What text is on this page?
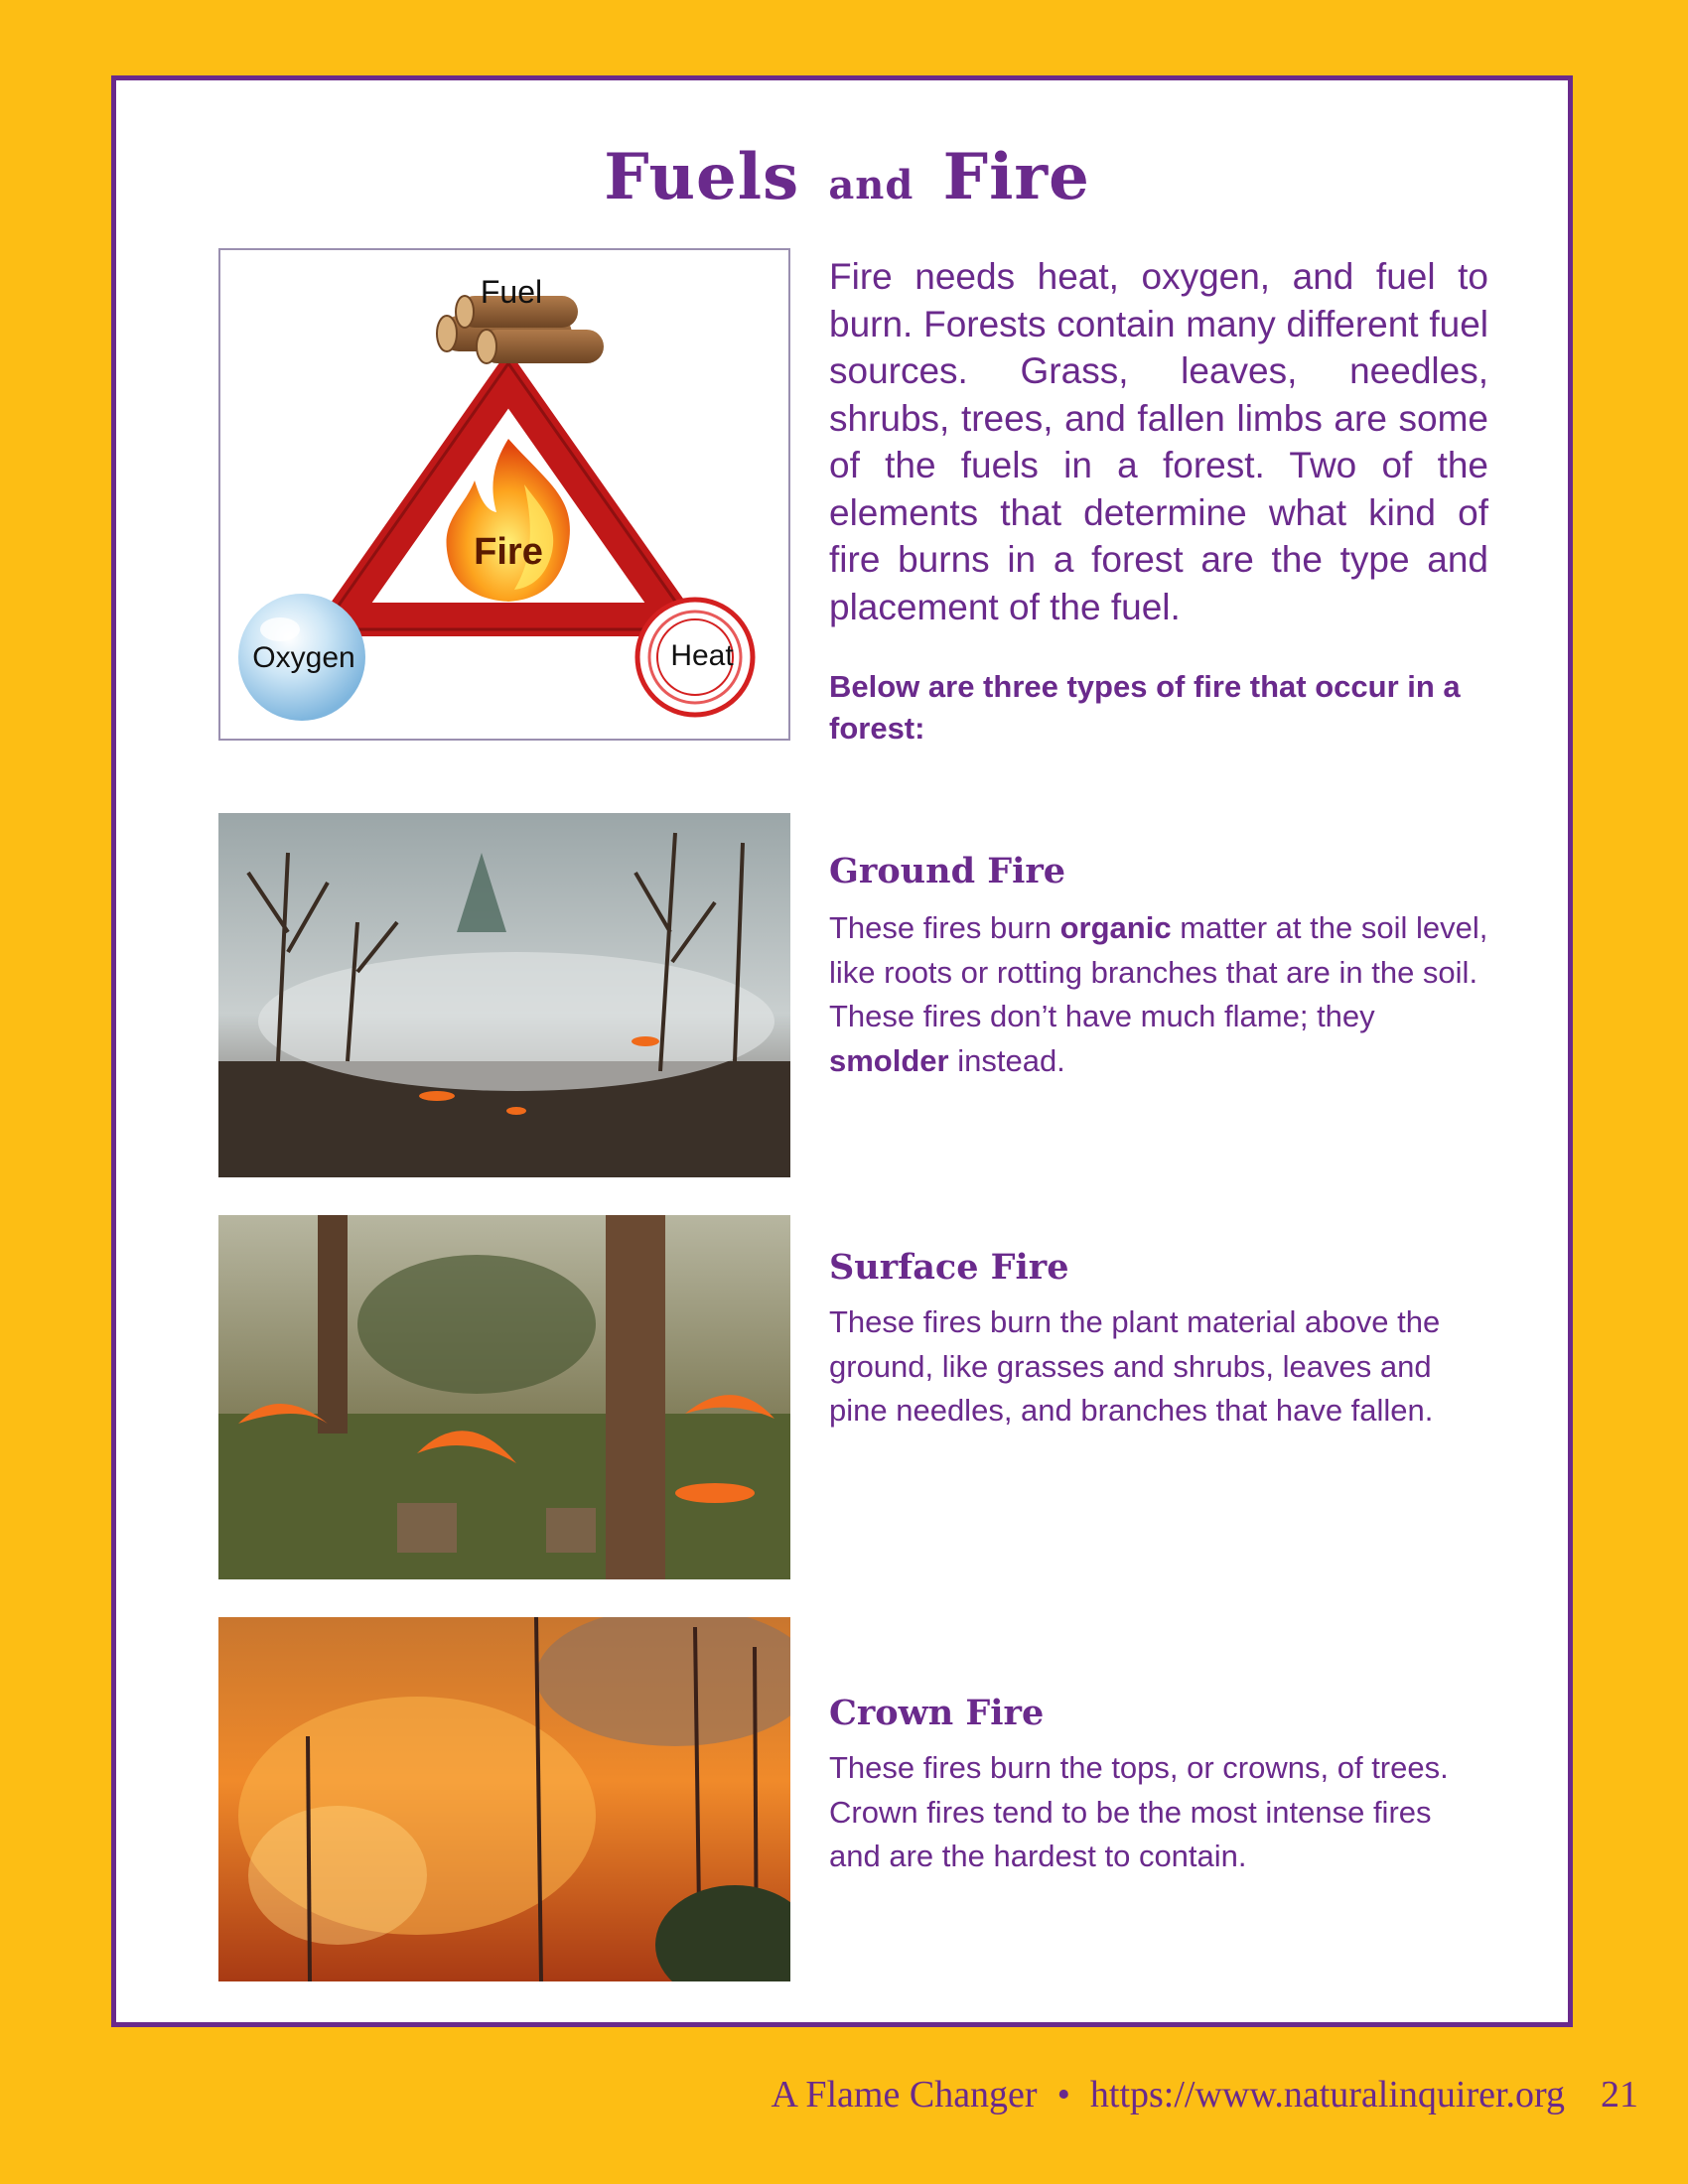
Fuels and Fire
Fuel
Fire
Oxygen	Heat

Fire needs heat, oxygen, and fuel to burn. Forests contain many different fuel sources. Grass, leaves, needles, shrubs, trees, and fallen limbs are some of the fuels in a forest. Two of the elements that determine what kind of fire burns in a forest are the type and placement of the fuel.

Below are three types of fire that occur in a forest:

Ground Fire

These fires burn organic matter at the soil level, like roots or rotting branches that are in the soil. These fires don’t have much flame; they smolder instead.

Surface Fire

These fires burn the plant material above the ground, like grasses and shrubs, leaves and pine needles, and branches that have fallen.

Crown Fire

These fires burn the tops, or crowns, of trees. Crown fires tend to be the most intense fires and are the hardest to contain.

A Flame Changer • https://www.naturalinquirer.org 21
